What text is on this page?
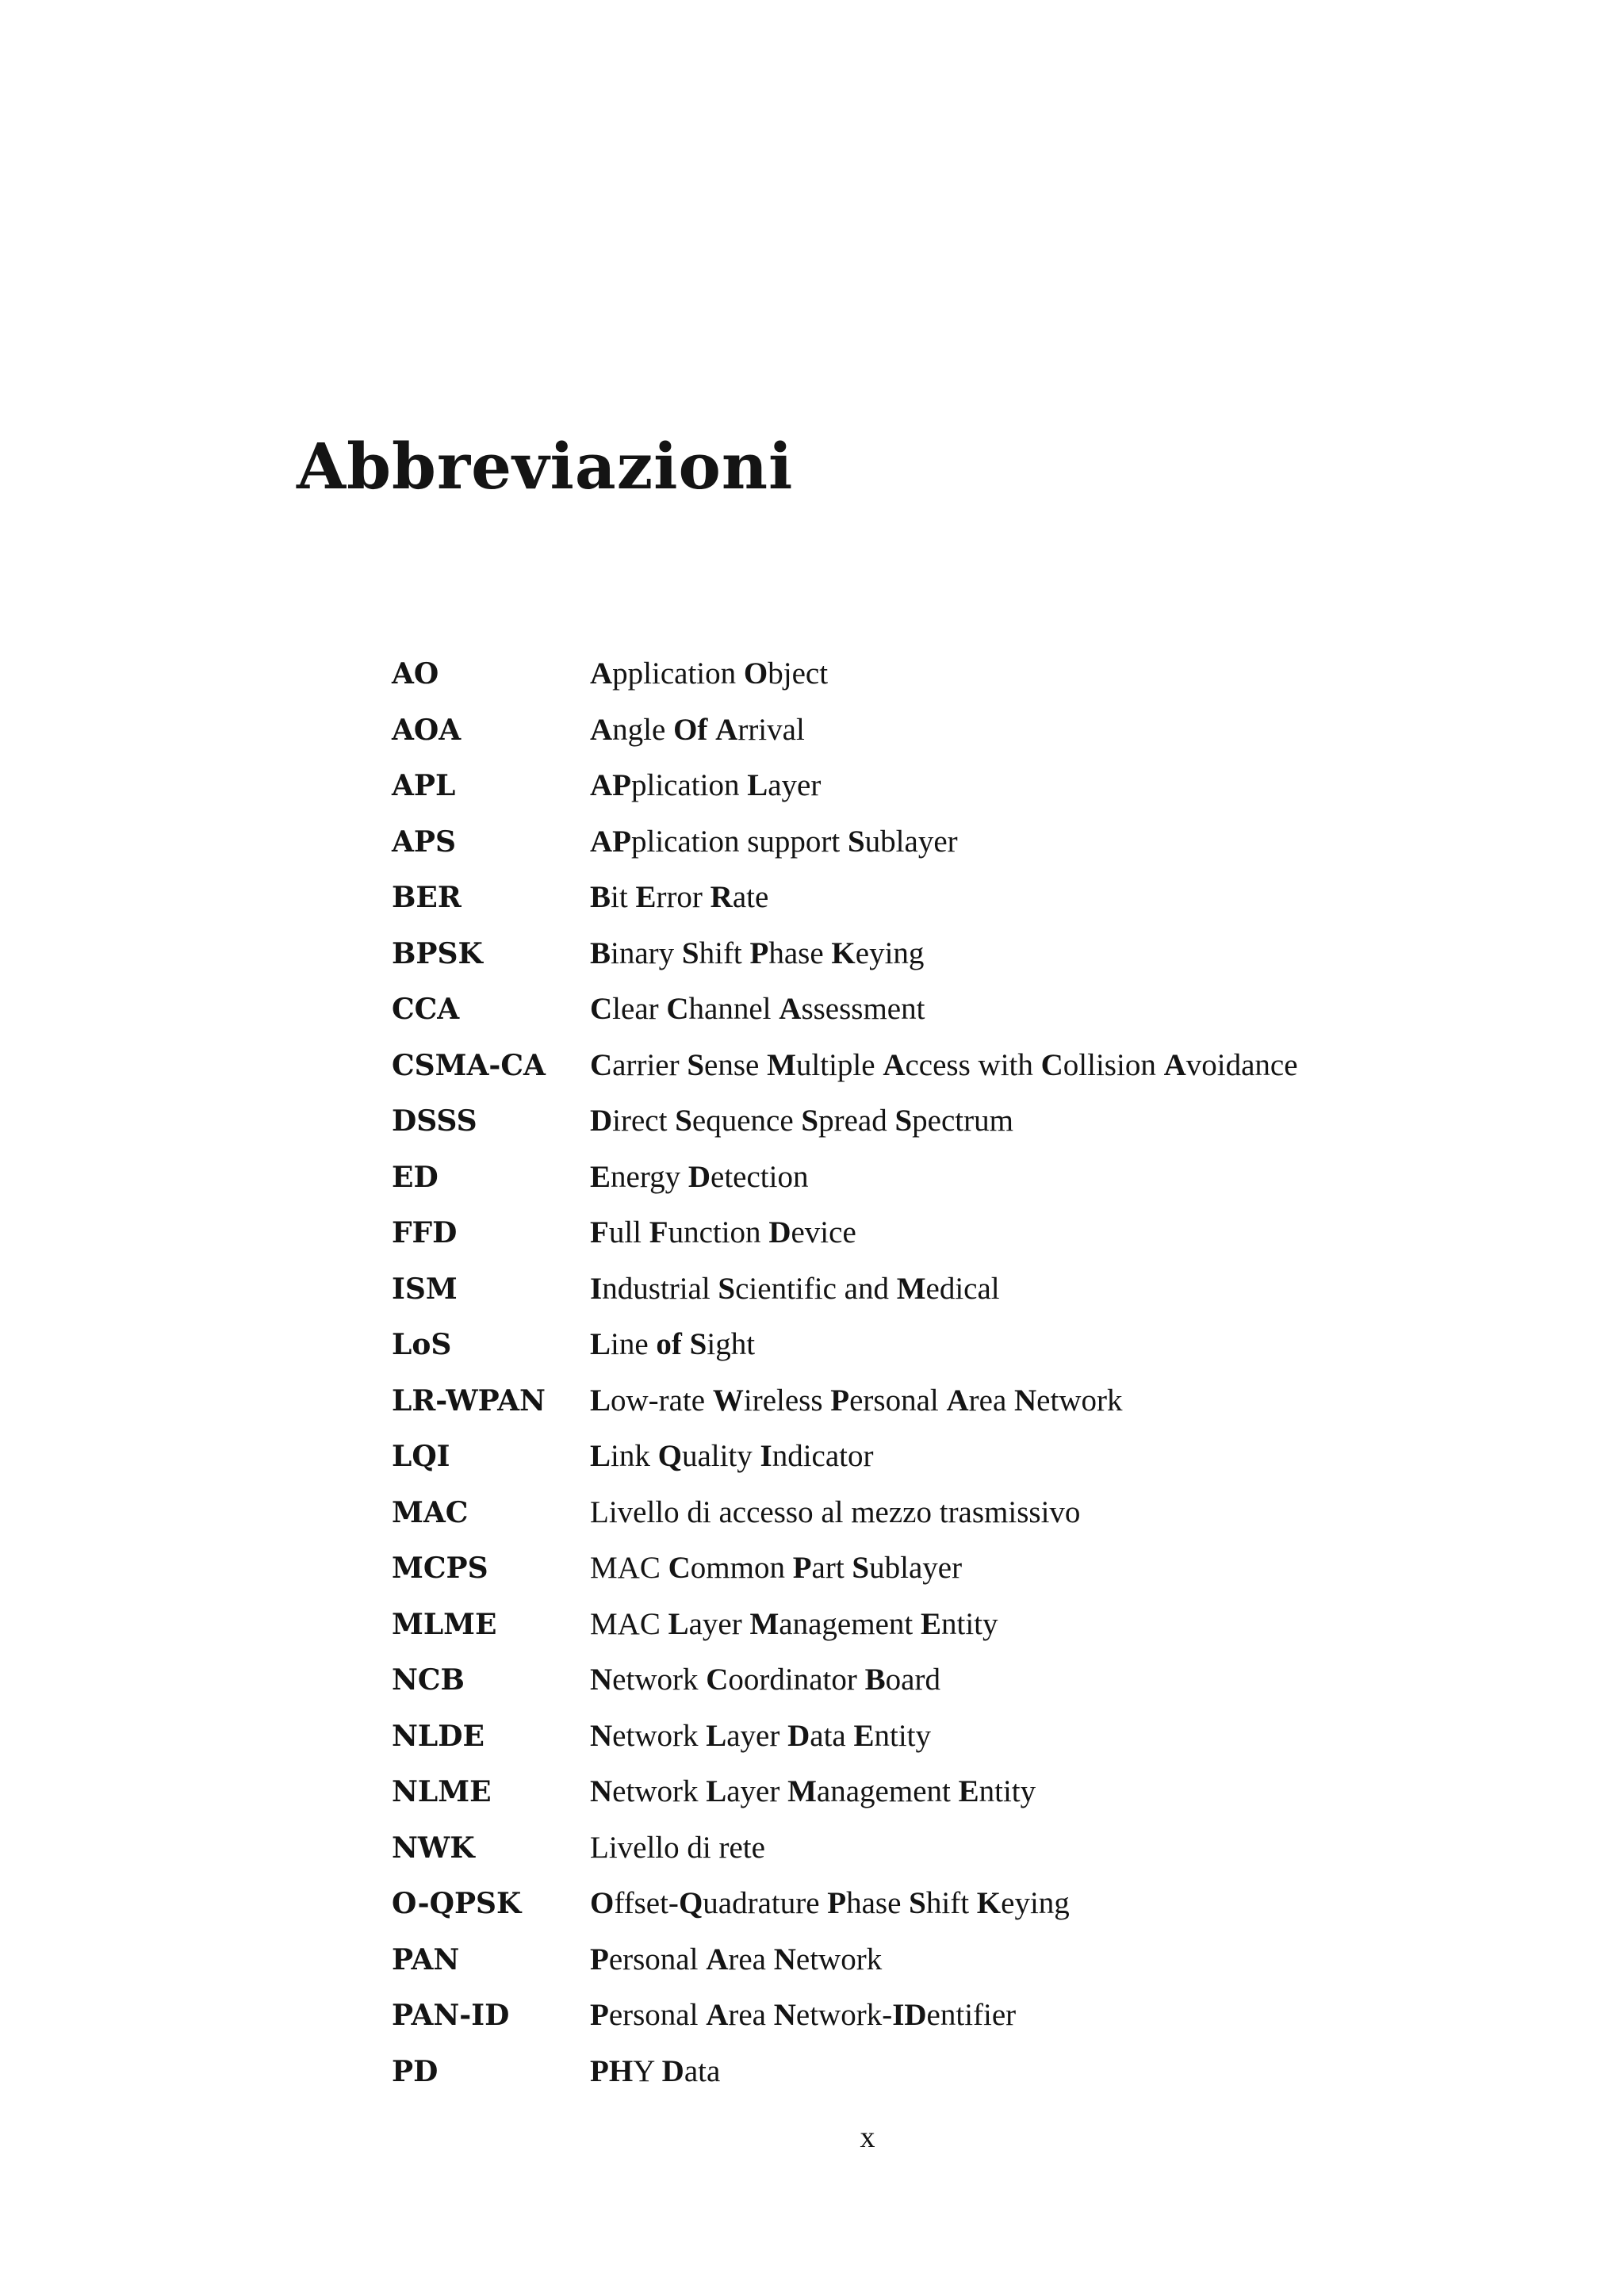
Abbreviazioni
AO	Application Object
AOA	Angle Of Arrival
APL	APplication Layer
APS	APplication support Sublayer
BER	Bit Error Rate
BPSK	Binary Shift Phase Keying
CCA	Clear Channel Assessment
CSMA-CA	Carrier Sense Multiple Access with Collision Avoidance
DSSS	Direct Sequence Spread Spectrum
ED	Energy Detection
FFD	Full Function Device
ISM	Industrial Scientific and Medical
LoS	Line of Sight
LR-WPAN	Low-rate Wireless Personal Area Network
LQI	Link Quality Indicator
MAC	Livello di accesso al mezzo trasmissivo
MCPS	MAC Common Part Sublayer
MLME	MAC Layer Management Entity
NCB	Network Coordinator Board
NLDE	Network Layer Data Entity
NLME	Network Layer Management Entity
NWK	Livello di rete
O-QPSK	Offset-Quadrature Phase Shift Keying
PAN	Personal Area Network
PAN-ID	Personal Area Network-IDentifier
PD	PHY Data
x
